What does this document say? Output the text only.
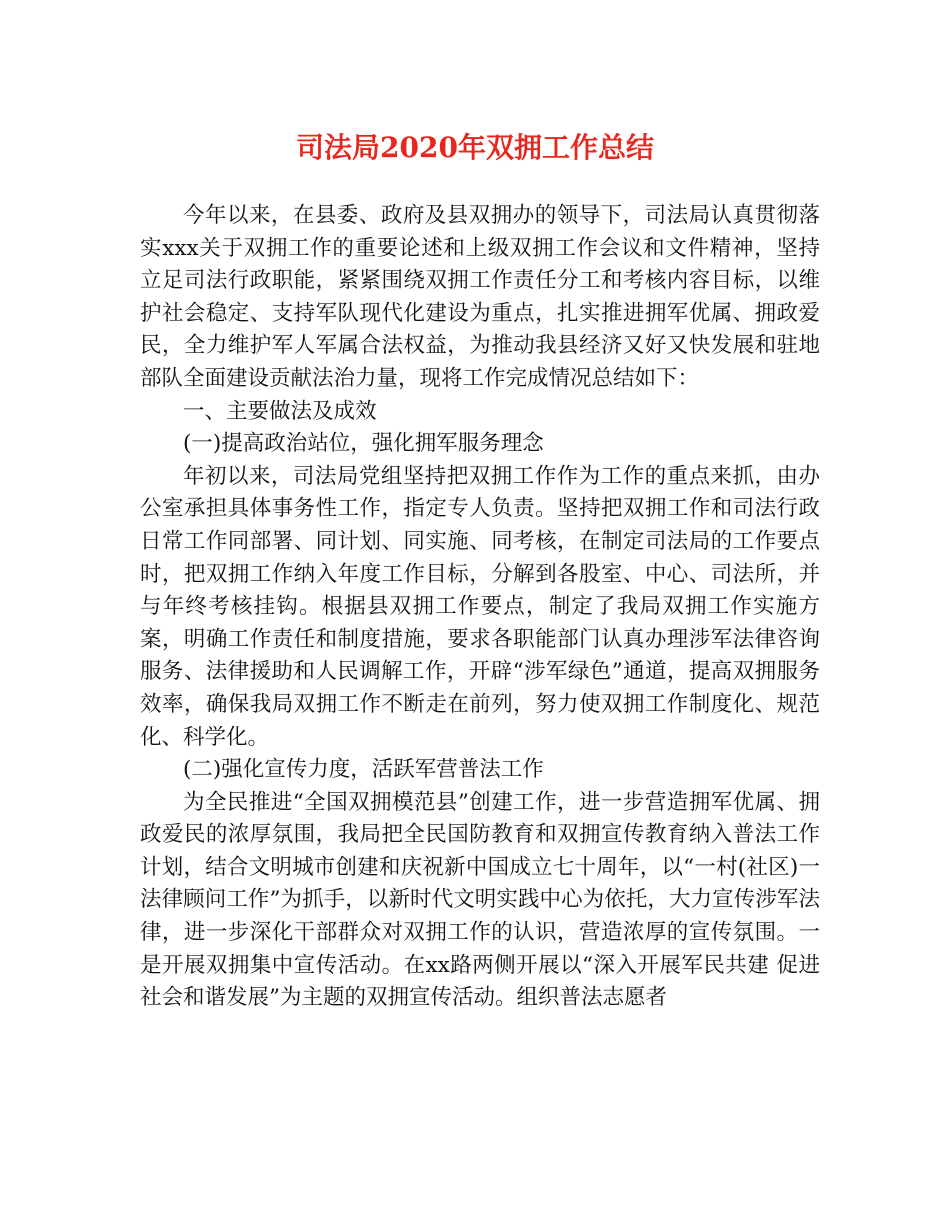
司法局2020年双拥工作总结

今年以来，在县委、政府及县双拥办的领导下，司法局认真贯彻落实xxx关于双拥工作的重要论述和上级双拥工作会议和文件精神，坚持立足司法行政职能，紧紧围绕双拥工作责任分工和考核内容目标，以维护社会稳定、支持军队现代化建设为重点，扎实推进拥军优属、拥政爱民，全力维护军人军属合法权益，为推动我县经济又好又快发展和驻地部队全面建设贡献法治力量，现将工作完成情况总结如下：

一、主要做法及成效

(一)提高政治站位，强化拥军服务理念

年初以来，司法局党组坚持把双拥工作作为工作的重点来抓，由办公室承担具体事务性工作，指定专人负责。坚持把双拥工作和司法行政日常工作同部署、同计划、同实施、同考核，在制定司法局的工作要点时，把双拥工作纳入年度工作目标，分解到各股室、中心、司法所，并与年终考核挂钩。根据县双拥工作要点，制定了我局双拥工作实施方案，明确工作责任和制度措施，要求各职能部门认真办理涉军法律咨询服务、法律援助和人民调解工作，开辟“涉军绿色”通道，提高双拥服务效率，确保我局双拥工作不断走在前列，努力使双拥工作制度化、规范化、科学化。

(二)强化宣传力度，活跃军营普法工作

为全民推进“全国双拥模范县”创建工作，进一步营造拥军优属、拥政爱民的浓厚氛围，我局把全民国防教育和双拥宣传教育纳入普法工作计划，结合文明城市创建和庆祝新中国成立七十周年，以“一村(社区)一法律顾问工作”为抓手，以新时代文明实践中心为依托，大力宣传涉军法律，进一步深化干部群众对双拥工作的认识，营造浓厚的宣传氛围。一是开展双拥集中宣传活动。在xx路两侧开展以“深入开展军民共建 促进社会和谐发展”为主题的双拥宣传活动。组织普法志愿者
